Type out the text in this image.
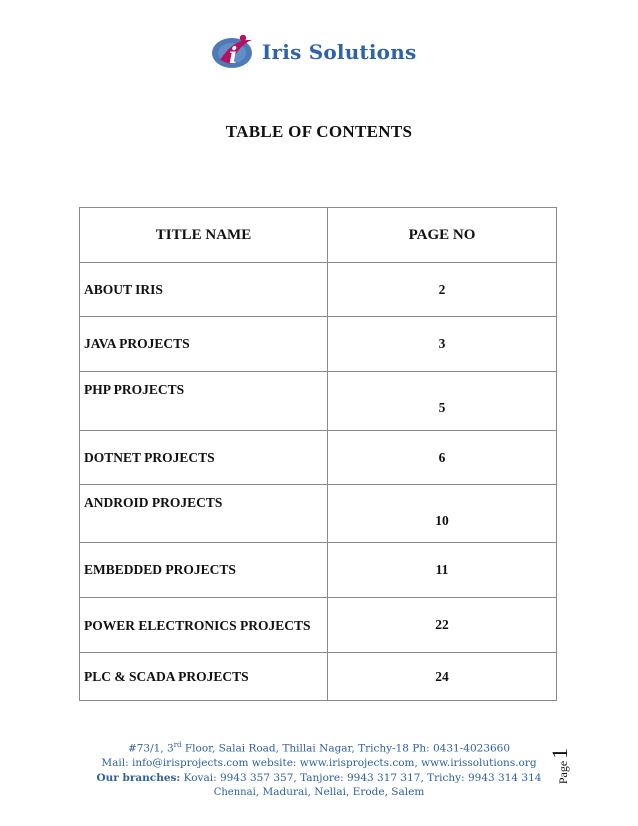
i Iris Solutions
TABLE OF CONTENTS
TITLE NAME	PAGE NO
ABOUT IRIS	2
JAVA PROJECTS	3
PHP PROJECTS	5

DOTNET PROJECTS	6
ANDROID PROJECTS	10

EMBEDDED PROJECTS	11
POWER ELECTRONICS PROJECTS	22
PLC & SCADA PROJECTS	24
#73/1, 3rd Floor, Salai Road, Thillai Nagar, Trichy-18 Ph: 0431-4023660
Mail: info@irisprojects.com website: www.irisprojects.com, www.irissolutions.org
Our branches: Kovai: 9943 357 357, Tanjore: 9943 317 317, Trichy: 9943 314 314
Chennai, Madurai, Nellai, Erode, Salem
Page1
